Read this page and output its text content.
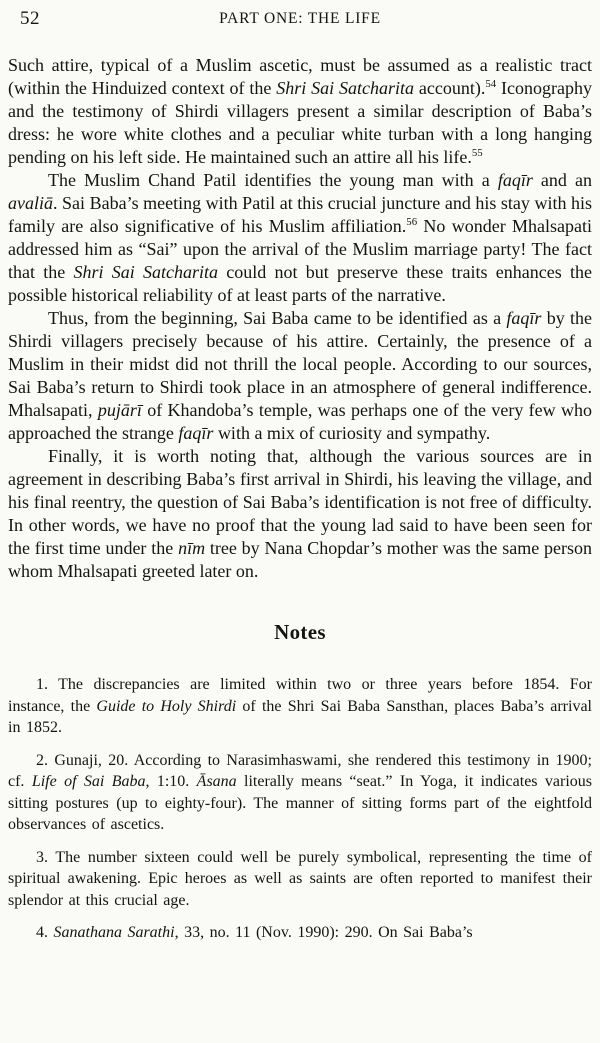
52	PART ONE: THE LIFE

Such attire, typical of a Muslim ascetic, must be assumed as a realistic tract (within the Hinduized context of the Shri Sai Satcharita account).$^{54}$ Iconography and the testimony of Shirdi villagers present a similar description of Baba’s dress: he wore white clothes and a peculiar white turban with a long hanging pending on his left side. He maintained such an attire all his life.$^{55}$

The Muslim Chand Patil identifies the young man with a faqīr and an avaliā. Sai Baba’s meeting with Patil at this crucial juncture and his stay with his family are also significative of his Muslim affiliation.$^{56}$ No wonder Mhalsapati addressed him as “Sai” upon the arrival of the Muslim marriage party! The fact that the Shri Sai Satcharita could not but preserve these traits enhances the possible historical reliability of at least parts of the narrative.

Thus, from the beginning, Sai Baba came to be identified as a faqīr by the Shirdi villagers precisely because of his attire. Certainly, the presence of a Muslim in their midst did not thrill the local people. According to our sources, Sai Baba’s return to Shirdi took place in an atmosphere of general indifference. Mhalsapati, pujārī of Khandoba’s temple, was perhaps one of the very few who approached the strange faqīr with a mix of curiosity and sympathy.

Finally, it is worth noting that, although the various sources are in agreement in describing Baba’s first arrival in Shirdi, his leaving the village, and his final reentry, the question of Sai Baba’s identification is not free of difficulty. In other words, we have no proof that the young lad said to have been seen for the first time under the nīm tree by Nana Chopdar’s mother was the same person whom Mhalsapati greeted later on.

Notes

1. The discrepancies are limited within two or three years before 1854. For instance, the Guide to Holy Shirdi of the Shri Sai Baba Sansthan, places Baba’s arrival in 1852.

2. Gunaji, 20. According to Narasimhaswami, she rendered this testimony in 1900; cf. Life of Sai Baba, 1:10. Āsana literally means “seat.” In Yoga, it indicates various sitting postures (up to eighty-four). The manner of sitting forms part of the eightfold observances of ascetics.

3. The number sixteen could well be purely symbolical, representing the time of spiritual awakening. Epic heroes as well as saints are often reported to manifest their splendor at this crucial age.

4. Sanathana Sarathi, 33, no. 11 (Nov. 1990): 290. On Sai Baba’s
